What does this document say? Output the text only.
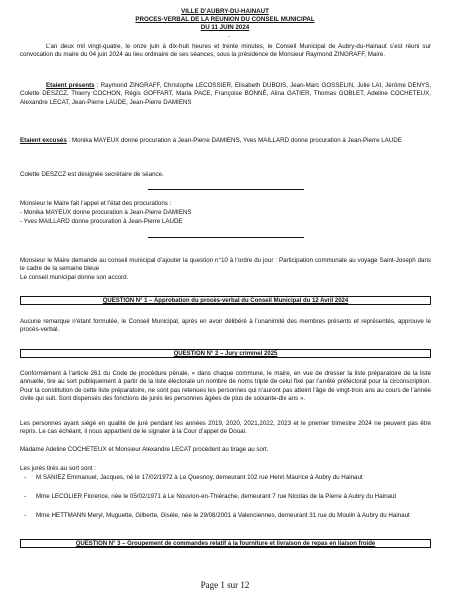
VILLE D’AUBRY-DU-HAINAUT
PROCES-VERBAL DE LA REUNION DU CONSEIL MUNICIPAL
DU 11 JUIN 2024
ˉ

L’an deux mil vingt-quatre, le onze juin à dix-huit heures et trente minutes, le Conseil Municipal de Aubry-du-Hainaut s’est réuni sur convocation du maire du 04 juin 2024 au lieu ordinaire de ses séances, sous la présidence de Monsieur Raymond ZINGRAFF, Maire.

Etaient présents : Raymond ZINGRAFF, Christophe LECOSSIER, Elisabeth DUBOIS, Jean-Marc GOSSELIN, Julie LAI, Jérôme DENYS, Colette DESZCZ, Thierry COCHON, Régis GOFFART, Maria PACE, Françoise BONNÉ, Alina GATIER, Thomas GOBLET, Adeline COCHETEUX, Alexandre LECAT, Jean-Pierre LAUDE, Jean-Pierre DAMIENS

Etaient excusés : Monika MAYEUX donne procuration à Jean-Pierre DAMIENS, Yves MAILLARD donne procuration à Jean-Pierre LAUDE

Colette DESZCZ est désignée secrétaire de séance.

Monsieur le Maire fait l’appel et l’état des procurations :

- Monika MAYEUX donne procuration à Jean-Pierre DAMIENS

- Yves MAILLARD donne procuration à Jean-Pierre LAUDE

Monsieur le Maire demande au conseil municipal d’ajouter la question n°10 à l’ordre du jour : Participation communale au voyage Saint-Joseph dans le cadre de la semaine bleue

Le conseil municipal donne son accord.

QUESTION N° 1 – Approbation du procès-verbal du Conseil Municipal du 12 Avril 2024

Aucune remarque n’étant formulée, le Conseil Municipal, après en avoir délibéré à l’unanimité des membres présents et représentés, approuve le procès-verbal.

QUESTION N° 2 – Jury criminel 2025

Conformément à l’article 261 du Code de procédure pénale, « dans chaque commune, le maire, en vue de dresser la liste préparatoire de la liste annuelle, tire au sort publiquement à partir de la liste électorale un nombre de noms triple de celui fixé par l’arrêté préfectoral pour la circonscription. Pour la constitution de cette liste préparatoire, ne sont pas retenues les personnes qui n’auront pas atteint l’âge de vingt-trois ans au cours de l’année civile qui suit. Sont dispensés des fonctions de jurés les personnes âgées de plus de soixante-dix ans ».

Les personnes ayant siégé en qualité de juré pendant les années 2019, 2020, 2021,2022, 2023 et le premier trimestre 2024 ne peuvent pas être repris. Le cas échéant, il nous appartient de le signaler à la Cour d’appel de Douai.

Madame Adeline COCHETEUX et Monsieur Alexandre LECAT procèdent au tirage au sort.

Les jurés tirés au sort sont :

- M SANIEZ Emmanuel, Jacques, né le 17/02/1972 à Le Quesnoy, demeurant 102 rue Henri Maurice à Aubry du Hainaut
- Mme LECOLIER Florence, née le 05/02/1971 à Le Nouvion-en-Thiérache, demeurant 7 rue Nicolas de la Pierre à Aubry du Hainaut
- Mme HETTMANN Meryl, Muguette, Gilberte, Gisèle, née le 29/08/2001 à Valenciennes, demeurant 31 rue du Moulin à Aubry du Hainaut
QUESTION N° 3 – Groupement de commandes relatif à la fourniture et livraison de repas en liaison froide
Page 1 sur 12
